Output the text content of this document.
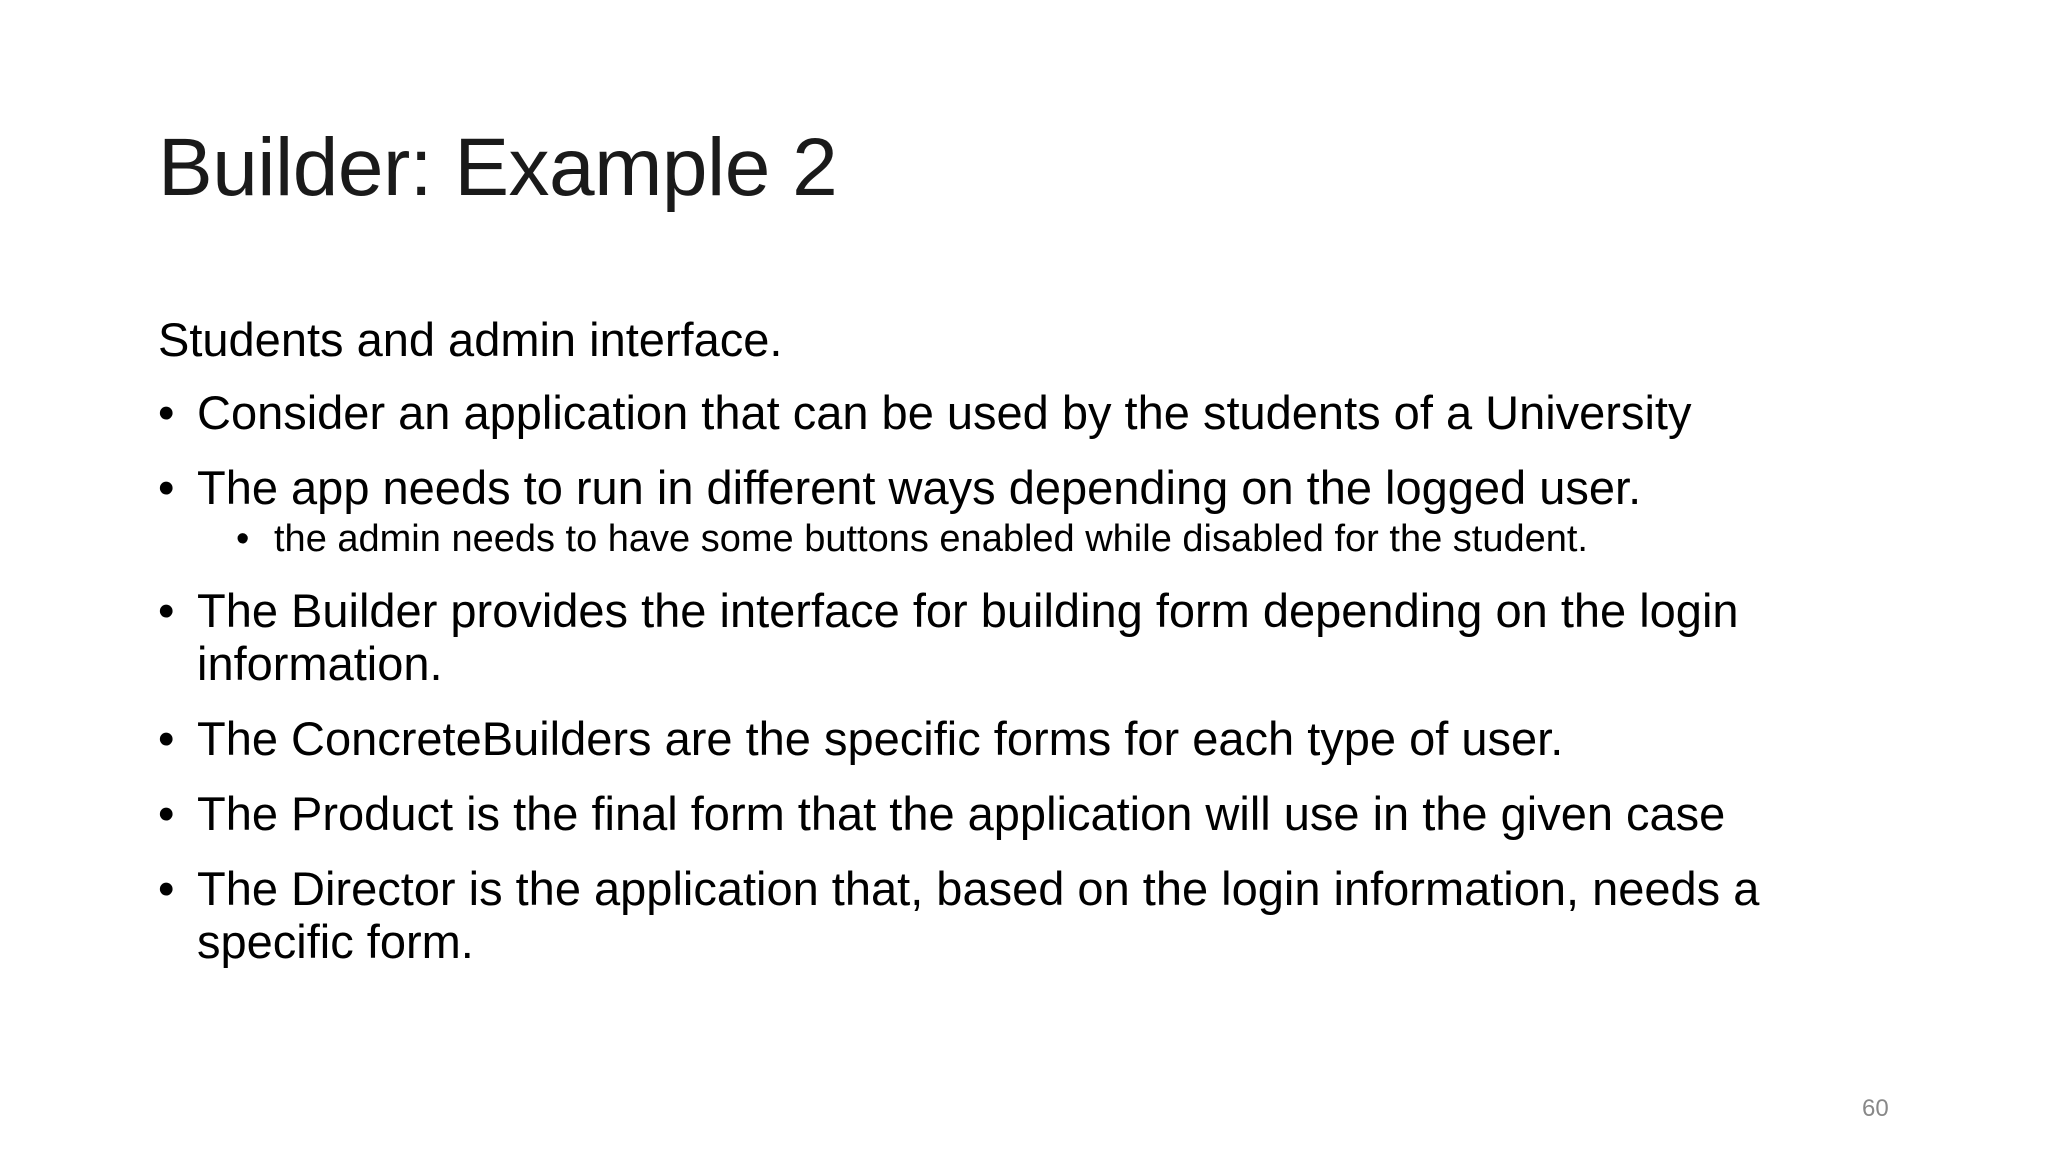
Builder: Example 2

Students and admin interface.

• Consider an application that can be used by the students of a University
• The app needs to run in different ways depending on the logged user.
• the admin needs to have some buttons enabled while disabled for the student.
• The Builder provides the interface for building form depending on the login information.
• The ConcreteBuilders are the specific forms for each type of user.
• The Product is the final form that the application will use in the given case
• The Director is the application that, based on the login information, needs a specific form.
60
